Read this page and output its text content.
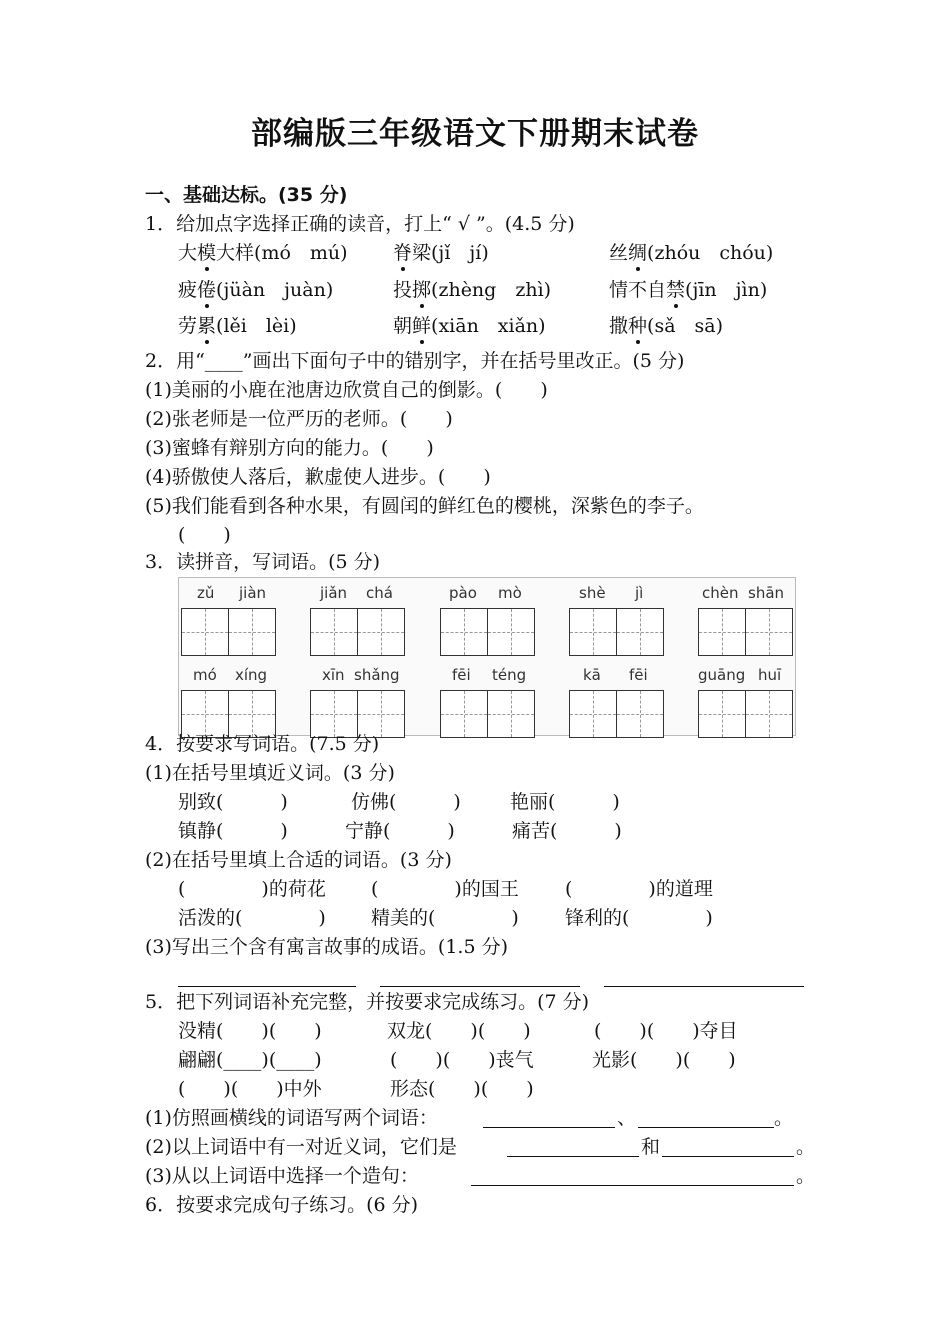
部编版三年级语文下册期末试卷
一、基础达标。(35 分)
1．给加点字选择正确的读音，打上“ √ ”。(4.5 分)
大模大样(mó　mú) 脊梁(jǐ　jí)	丝绸(zhóu　chóu)
疲倦(jüàn　juàn)	投掷(zhèng　zhì)	情不自禁(jīn　jìn)
劳累(lěi　lèi)	朝鲜(xiān　xiǎn)	撒种(sǎ　sā)
2．用“____”画出下面句子中的错别字，并在括号里改正。(5 分)
(1)美丽的小鹿在池唐边欣赏自己的倒影。(　　)
(2)张老师是一位严历的老师。(　　)
(3)蜜蜂有辩别方向的能力。(　　)
(4)骄傲使人落后，歉虚使人进步。(　　)
(5)我们能看到各种水果，有圆闰的鲜红色的樱桃，深紫色的李子。
(　　)
3．读拼音，写词语。(5 分)
zǔ jiàn	jiǎn chá	pào mò	shè jì	chèn shān
mó xíng	xīn shǎng	fēi téng	kā fēi	guāng huī
4．按要求写词语。(7.5 分)
(1)在括号里填近义词。(3 分)
别致(　　　)	仿佛(　　　)	艳丽(　　　)
镇静(　　　)	宁静(　　　)	痛苦(　　　)
(2)在括号里填上合适的词语。(3 分)
(　　　　)的荷花 (　　　　)的国王 (　　　　)的道理
活泼的(　　　　) 精美的(　　　　) 锋利的(　　　　)
(3)写出三个含有寓言故事的成语。(1.5 分)
5．把下列词语补充完整，并按要求完成练习。(7 分)
没精(　　)(　　)	双龙(　　)(　　)	(　　)(　　)夺目
翩翩(____)(____)	(　　)(　　)丧气	光影(　　)(　　)
(　　)(　　)中外	形态(　　)(　　)
(1)仿照画横线的词语写两个词语：	、	。
(2)以上词语中有一对近义词，它们是	和	。
(3)从以上词语中选择一个造句：	。
6．按要求完成句子练习。(6 分)
